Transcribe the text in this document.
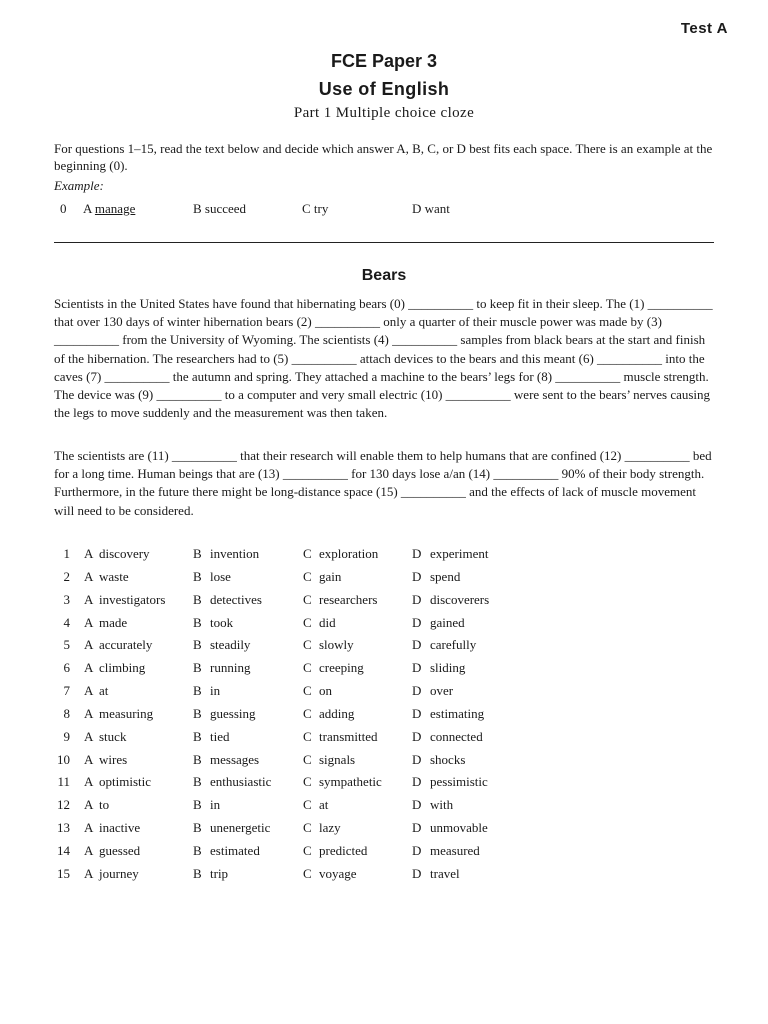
Test A
FCE Paper 3
Use of English
Part 1 Multiple choice cloze
For questions 1–15, read the text below and decide which answer A, B, C, or D best fits each space. There is an example at the beginning (0).
Example:
0 A manage	B succeed	C try	D want
Bears

Scientists in the United States have found that hibernating bears (0) __________ to keep fit in their sleep. The (1) __________ that over 130 days of winter hibernation bears (2) __________ only a quarter of their muscle power was made by (3) __________ from the University of Wyoming. The scientists (4) __________ samples from black bears at the start and finish of the hibernation. The researchers had to (5) __________ attach devices to the bears and this meant (6) __________ into the caves (7) __________ the autumn and spring. They attached a machine to the bears’ legs for (8) __________ muscle strength. The device was (9) __________ to a computer and very small electric (10) __________ were sent to the bears’ nerves causing the legs to move suddenly and the measurement was then taken.

The scientists are (11) __________ that their research will enable them to help humans that are confined (12) __________ bed for a long time. Human beings that are (13) __________ for 130 days lose a/an (14) __________ 90% of their body strength. Furthermore, in the future there might be long-distance space (15) __________ and the effects of lack of muscle movement will need to be considered.

1 A discovery	B invention	C exploration	D experiment
2 A waste	B lose	C gain	D spend
3 A investigators B detectives	C researchers	D discoverers
4 A made	B took	C did	D gained
5 A accurately	B steadily	C slowly	D carefully
6 A climbing	B running	C creeping	D sliding
7 A at	B in	C on	D over
8 A measuring	B guessing	C adding	D estimating
9 A stuck	B tied	C transmitted	D connected
10 A wires	B messages	C signals	D shocks
11 A optimistic	B enthusiastic C sympathetic D pessimistic
12 A to	B in	C at	D with
13 A inactive	B unenergetic	C lazy	D unmovable
14 A guessed	B estimated	C predicted	D measured
15 A journey	B trip	C voyage	D travel
